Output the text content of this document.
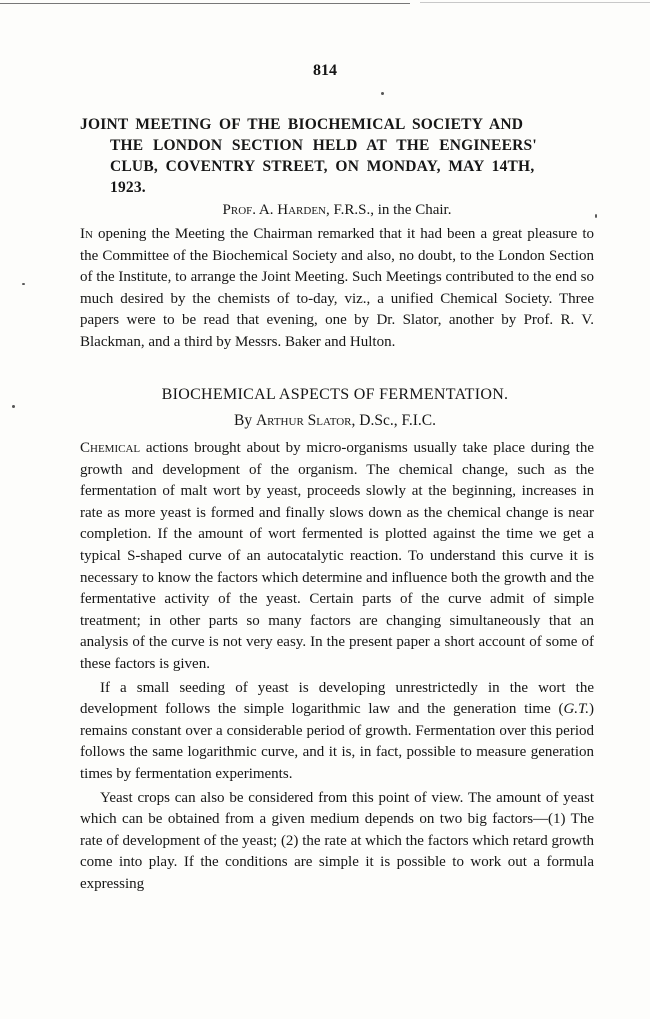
814
JOINT MEETING OF THE BIOCHEMICAL SOCIETY AND
THE LONDON SECTION HELD AT THE ENGINEERS'
CLUB, COVENTRY STREET, ON MONDAY, MAY 14TH,
1923.
Prof. A. Harden, F.R.S., in the Chair.

In opening the Meeting the Chairman remarked that it had been a great pleasure to the Committee of the Biochemical Society and also, no doubt, to the London Section of the Institute, to arrange the Joint Meeting. Such Meetings contributed to the end so much desired by the chemists of to-day, viz., a unified Chemical Society. Three papers were to be read that evening, one by Dr. Slator, another by Prof. R. V. Blackman, and a third by Messrs. Baker and Hulton.

BIOCHEMICAL ASPECTS OF FERMENTATION.
By Arthur Slator, D.Sc., F.I.C.

Chemical actions brought about by micro-organisms usually take place during the growth and development of the organism. The chemical change, such as the fermentation of malt wort by yeast, proceeds slowly at the beginning, increases in rate as more yeast is formed and finally slows down as the chemical change is near completion. If the amount of wort fermented is plotted against the time we get a typical S-shaped curve of an autocatalytic reaction. To understand this curve it is necessary to know the factors which determine and influence both the growth and the fermentative activity of the yeast. Certain parts of the curve admit of simple treatment; in other parts so many factors are changing simultaneously that an analysis of the curve is not very easy. In the present paper a short account of some of these factors is given.

If a small seeding of yeast is developing unrestrictedly in the wort the development follows the simple logarithmic law and the generation time (G.T.) remains constant over a considerable period of growth. Fermentation over this period follows the same logarithmic curve, and it is, in fact, possible to measure generation times by fermentation experiments.

Yeast crops can also be considered from this point of view. The amount of yeast which can be obtained from a given medium depends on two big factors—(1) The rate of development of the yeast; (2) the rate at which the factors which retard growth come into play. If the conditions are simple it is possible to work out a formula expressing
